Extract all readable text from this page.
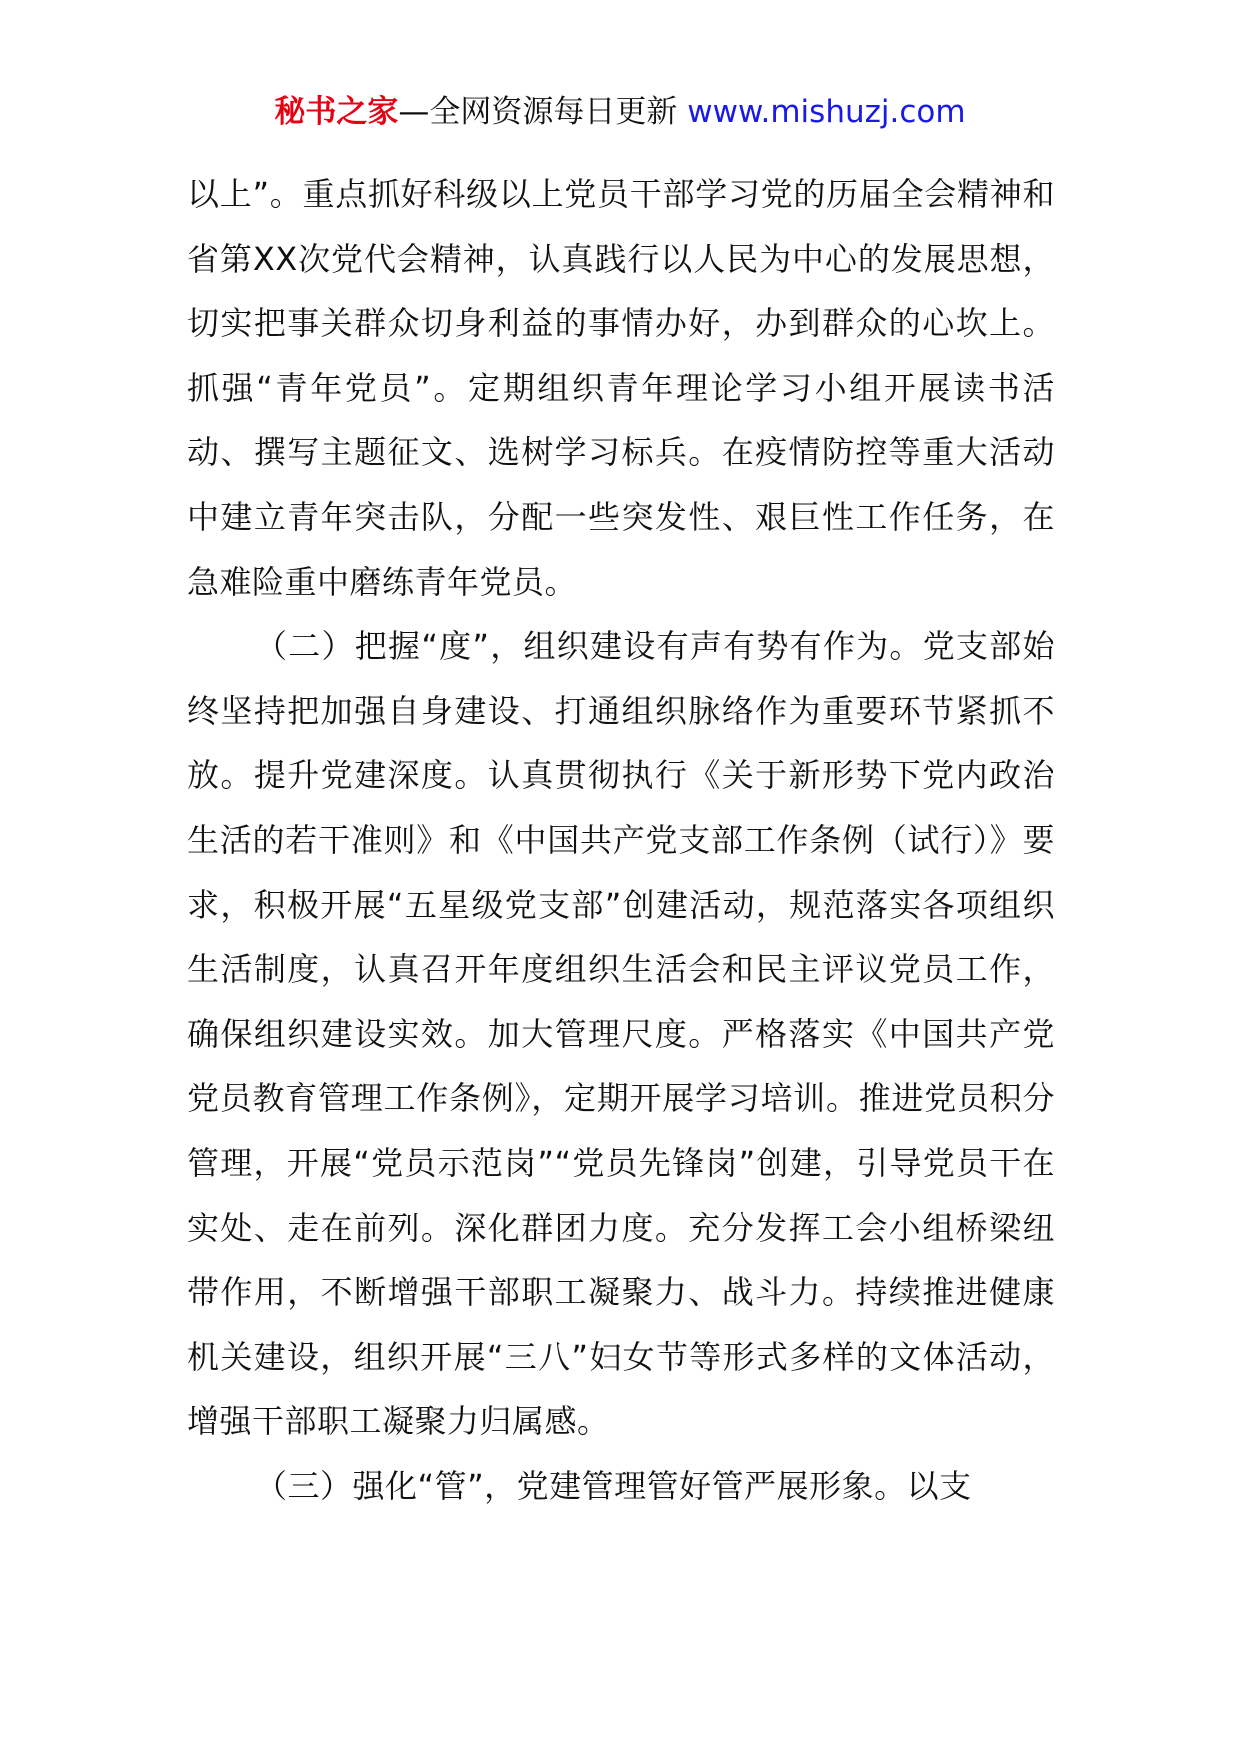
秘书之家—全网资源每日更新 www.mishuzj.com

以上”。重点抓好科级以上党员干部学习党的历届全会精神和省第XX次党代会精神，认真践行以人民为中心的发展思想，切实把事关群众切身利益的事情办好，办到群众的心坎上。抓强“青年党员”。定期组织青年理论学习小组开展读书活动、撰写主题征文、选树学习标兵。在疫情防控等重大活动中建立青年突击队，分配一些突发性、艰巨性工作任务，在急难险重中磨练青年党员。

（二）把握“度”，组织建设有声有势有作为。党支部始终坚持把加强自身建设、打通组织脉络作为重要环节紧抓不放。提升党建深度。认真贯彻执行《关于新形势下党内政治生活的若干准则》和《中国共产党支部工作条例（试行）》要求，积极开展“五星级党支部”创建活动，规范落实各项组织生活制度，认真召开年度组织生活会和民主评议党员工作，确保组织建设实效。加大管理尺度。严格落实《中国共产党党员教育管理工作条例》，定期开展学习培训。推进党员积分管理，开展“党员示范岗”“党员先锋岗”创建，引导党员干在实处、走在前列。深化群团力度。充分发挥工会小组桥梁纽带作用，不断增强干部职工凝聚力、战斗力。持续推进健康机关建设，组织开展“三八”妇女节等形式多样的文体活动，增强干部职工凝聚力归属感。

（三）强化“管”，党建管理管好管严展形象。以支
